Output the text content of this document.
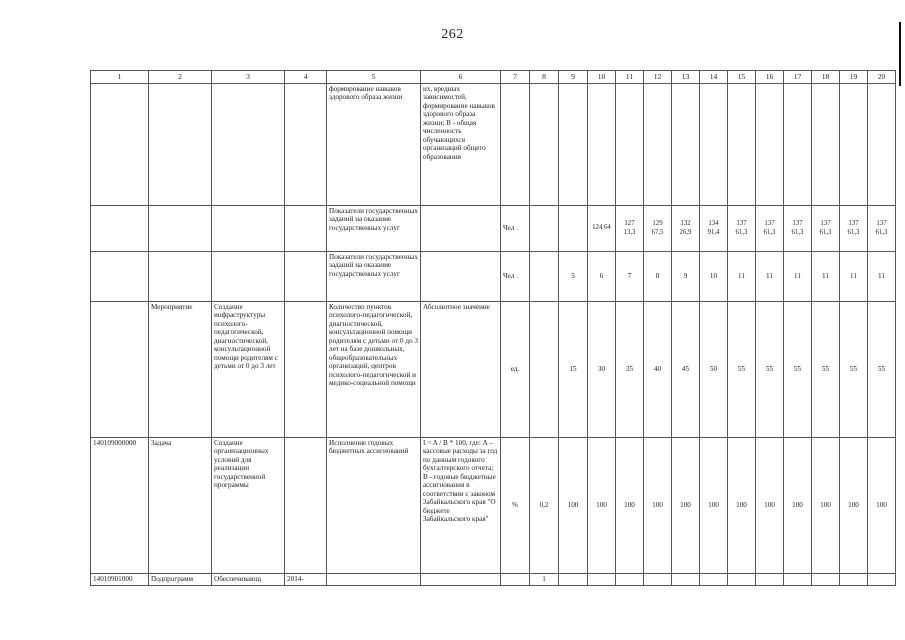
262
1	2	3	4	5	6	7	8	9	10	11	12	13	14	15	16	17	18	19	20
				формирование навыков здорового образа жизни	их, вредных зависимостей, формирование навыков здорового образа жизни; В - общая численность обучающихся организаций общего образования														
				Показатели государственных заданий на оказание государственных услуг		Чел .			124 64	127 13,3	129 67,5	132 26,9	134 91,4	137 61,3	137 61,3	137 61,3	137 61,3	137 61,3	137 61,3
				Показатели государственных заданий на оказание государственных услуг		Чел .		5	6	7	8	9	10	11	11	11	11	11	11
	Мероприятие	Создание инфраструктуры психолого-педагогической, диагностической, консультационной помощи родителям с детьми от 0 до 3 лет		Количество пунктов психолого-педагогической, диагностической, консультационной помощи родителям с детьми от 0 до 3 лет на базе дошкольных, общеобразовательных организаций, центров психолого-педагогической и медико-социальной помощи	Абсолютное значение	ед.		15	30	35	40	45	50	55	55	55	55	55	55
140109000000	Задача	Создание организационных условий для реализации государственной программы		Исполнение годовых бюджетных ассигнований	I = A / B * 100, где: A – кассовые расходы за год по данным годового бухгалтерского отчета; B - годовые бюджетные ассигнования в соответствии с законом Забайкальского края "О бюджете Забайкальского края"	%	0,2	100	100	100	100	100	100	100	100	100	100	100	100
14010901000	Подпрограмм	Обеспечивающ	2014-				1												
